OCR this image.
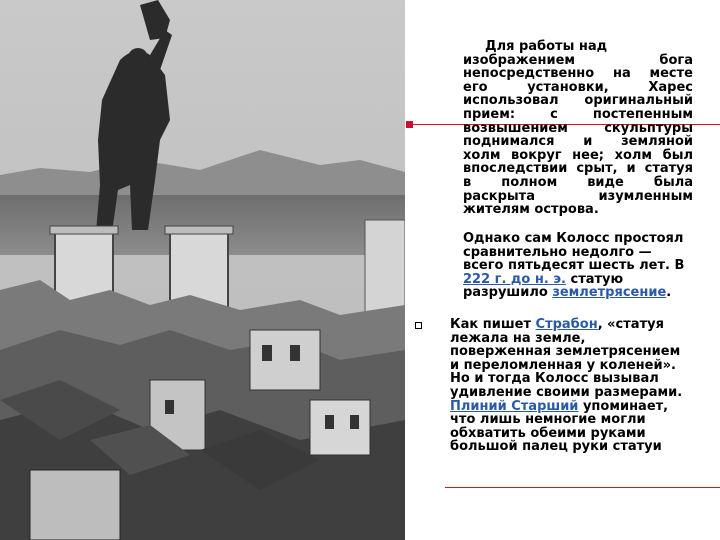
Для работы над
изображением бога
непосредственно на месте
его установки, Харес
использовал оригинальный
прием: с постепенным
возвышением скульптуры
поднимался и земляной
холм вокруг нее; холм был
впоследствии срыт, и статуя
в полном виде была
раскрыта изумленным
жителям острова.
Однако сам Колосс простоял
сравнительно недолго —
всего пятьдесят шесть лет. В
222 г. до н. э. статую
разрушило землетрясение.
Как пишет Страбон, «статуя
лежала на земле,
поверженная землетрясением
и переломленная у коленей».
Но и тогда Колосс вызывал
удивление своими размерами.
Плиний Старший упоминает,
что лишь немногие могли
обхватить обеими руками
большой палец руки статуи
